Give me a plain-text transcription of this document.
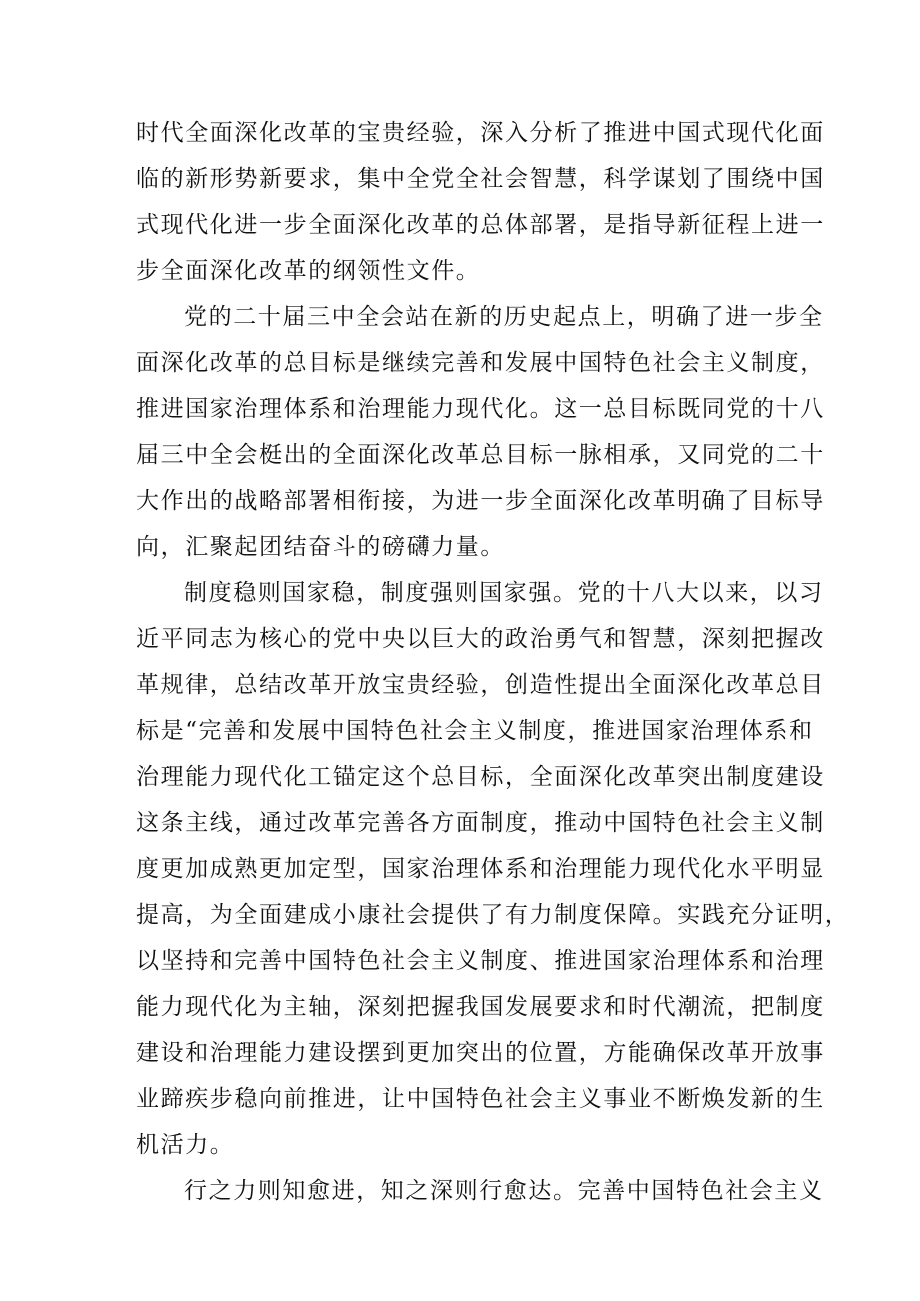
时代全面深化改革的宝贵经验，深入分析了推进中国式现代化面
临的新形势新要求，集中全党全社会智慧，科学谋划了围绕中国
式现代化进一步全面深化改革的总体部署，是指导新征程上进一
步全面深化改革的纲领性文件。
党的二十届三中全会站在新的历史起点上，明确了进一步全
面深化改革的总目标是继续完善和发展中国特色社会主义制度，
推进国家治理体系和治理能力现代化。这一总目标既同党的十八
届三中全会梃出的全面深化改革总目标一脉相承，又同党的二十
大作出的战略部署相衔接，为进一步全面深化改革明确了目标导
向，汇聚起团结奋斗的磅礴力量。
制度稳则国家稳，制度强则国家强。党的十八大以来，以习
近平同志为核心的党中央以巨大的政治勇气和智慧，深刻把握改
革规律，总结改革开放宝贵经验，创造性提出全面深化改革总目
标是“完善和发展中国特色社会主义制度，推进国家治理体系和
治理能力现代化工锚定这个总目标，全面深化改革突出制度建设
这条主线，通过改革完善各方面制度，推动中国特色社会主义制
度更加成熟更加定型，国家治理体系和治理能力现代化水平明显
提高，为全面建成小康社会提供了有力制度保障。实践充分证明，
以坚持和完善中国特色社会主义制度、推进国家治理体系和治理
能力现代化为主轴，深刻把握我国发展要求和时代潮流，把制度
建设和治理能力建设摆到更加突出的位置，方能确保改革开放事
业蹄疾步稳向前推进，让中国特色社会主义事业不断焕发新的生
机活力。
行之力则知愈进，知之深则行愈达。完善中国特色社会主义
